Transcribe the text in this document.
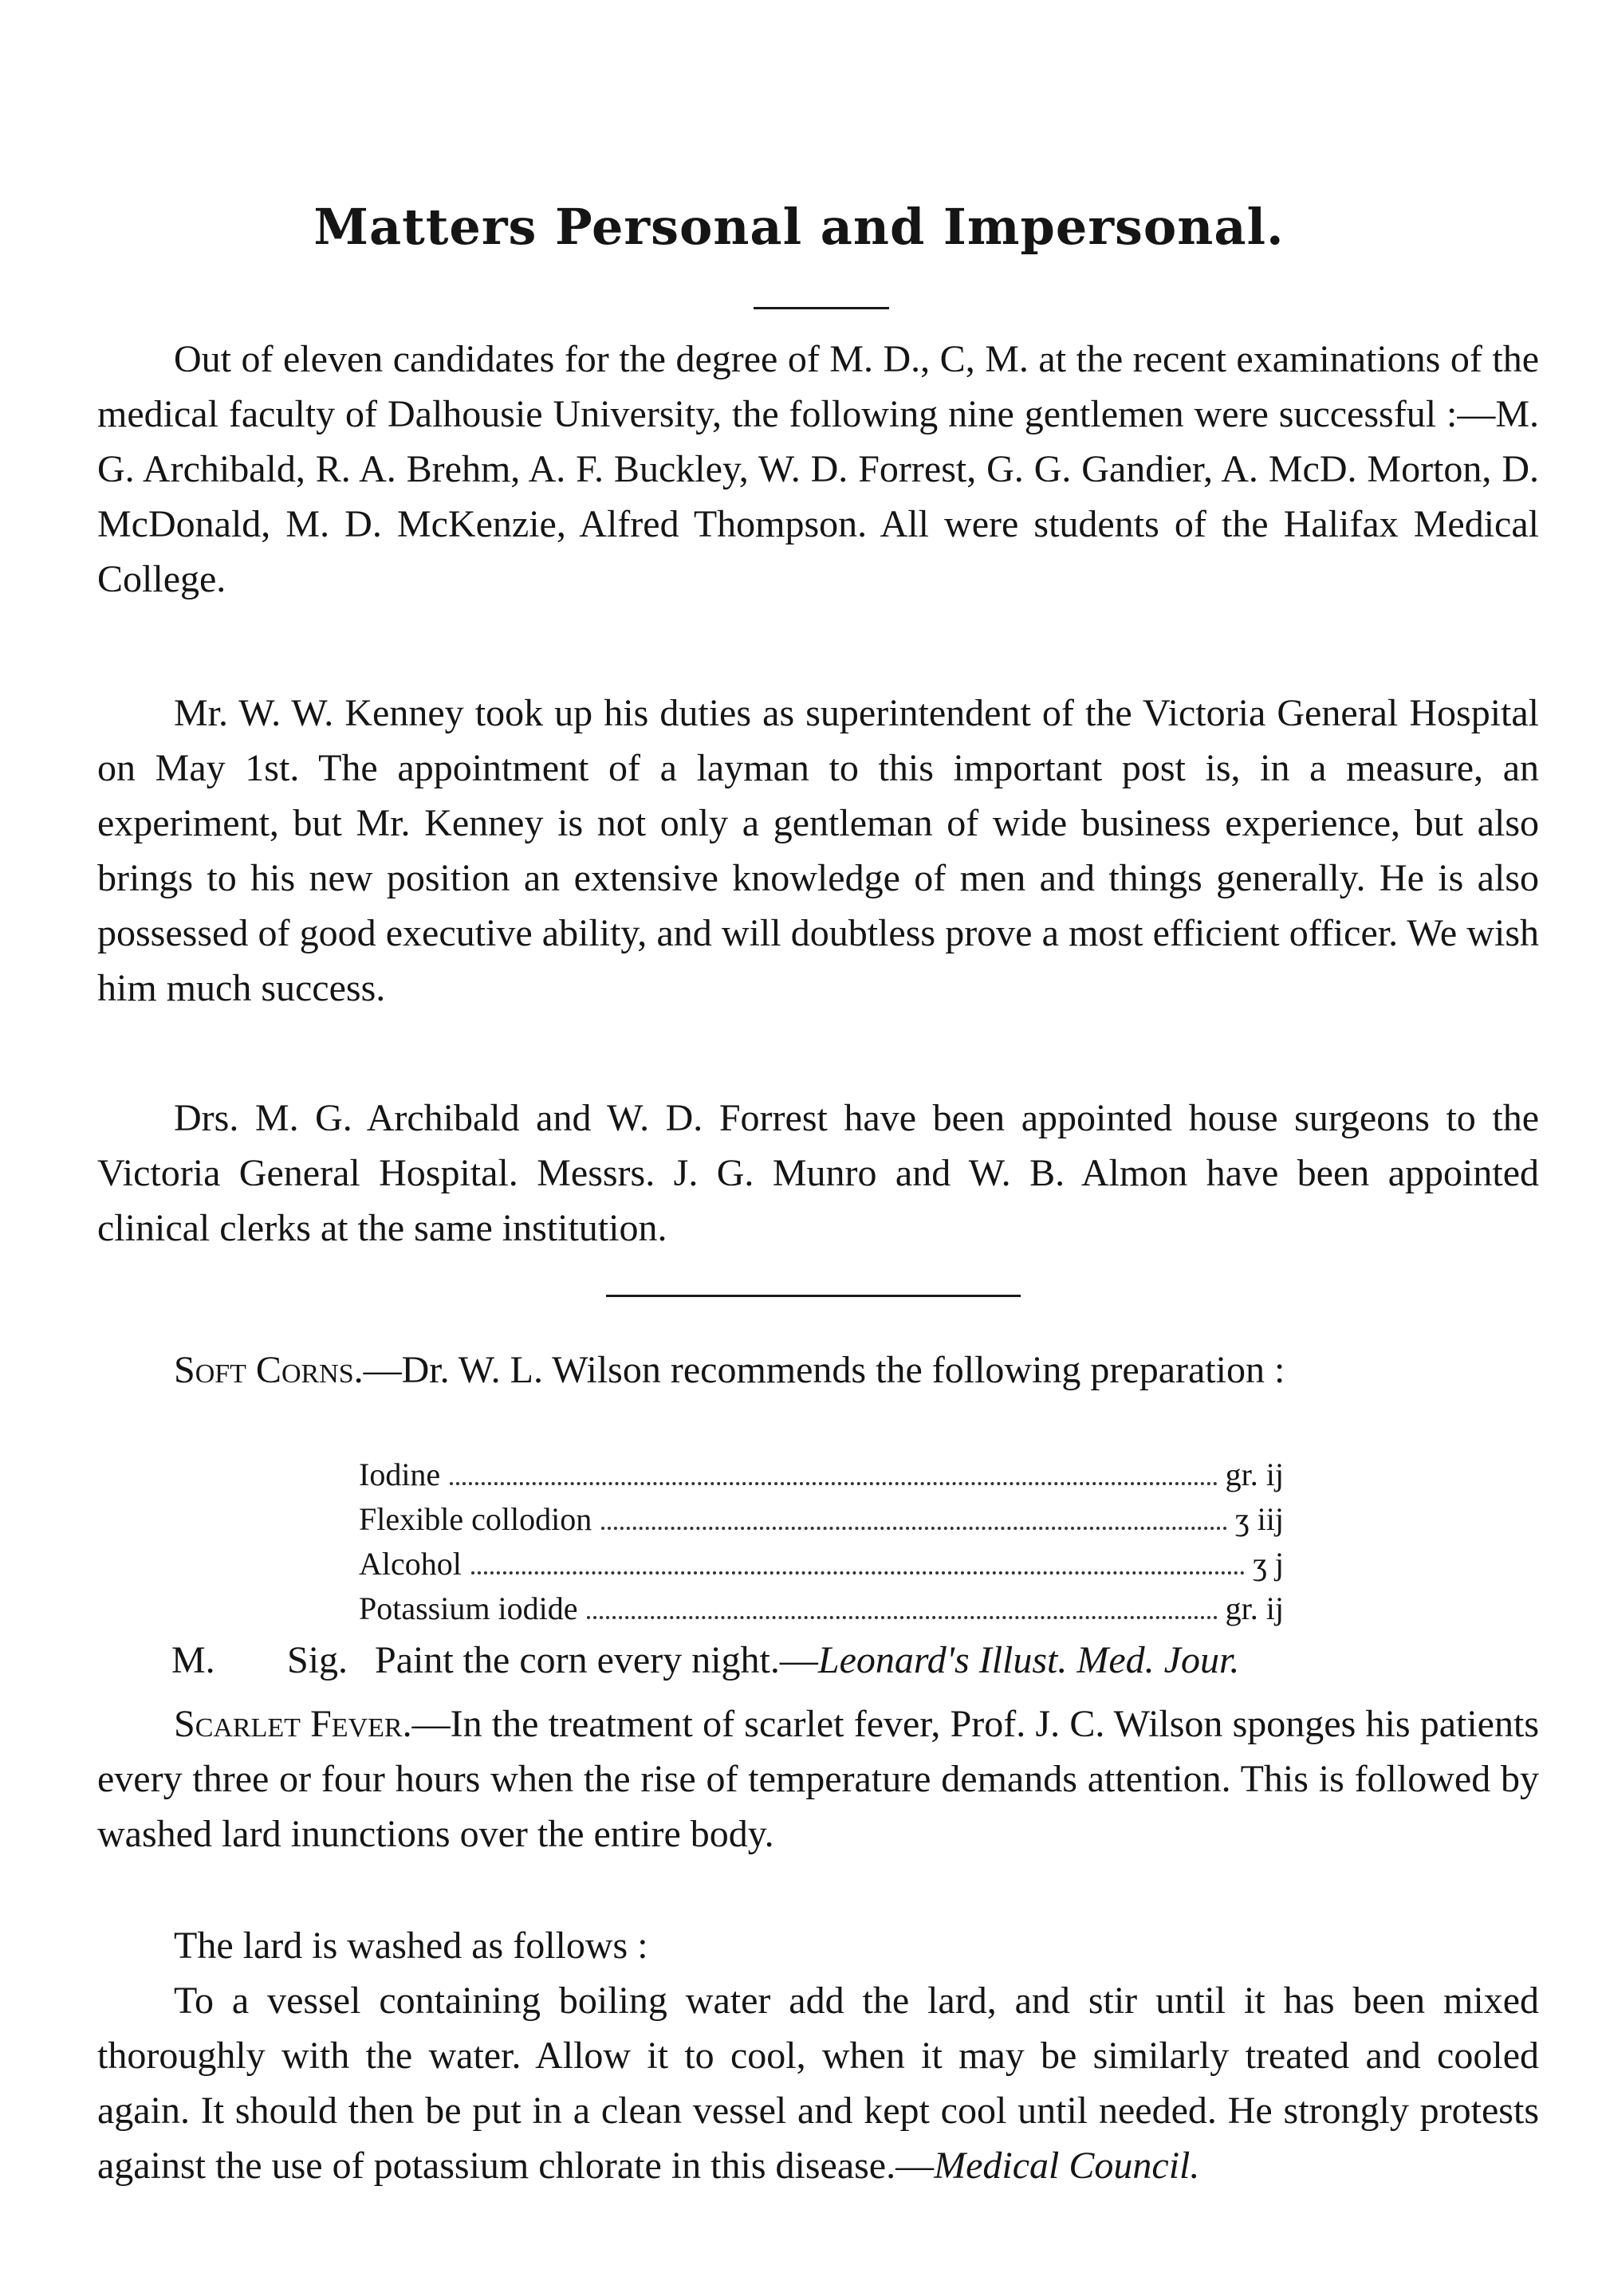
Matters Personal and Impersonal.

Out of eleven candidates for the degree of M. D., C, M. at the recent examinations of the medical faculty of Dalhousie University, the following nine gentlemen were successful :—M. G. Archibald, R. A. Brehm, A. F. Buckley, W. D. Forrest, G. G. Gandier, A. McD. Morton, D. McDonald, M. D. McKenzie, Alfred Thompson. All were students of the Halifax Medical College.

Mr. W. W. Kenney took up his duties as superintendent of the Victoria General Hospital on May 1st. The appointment of a layman to this important post is, in a measure, an experiment, but Mr. Kenney is not only a gentleman of wide business experience, but also brings to his new position an extensive knowledge of men and things generally. He is also possessed of good executive ability, and will doubtless prove a most efficient officer. We wish him much success.

Drs. M. G. Archibald and W. D. Forrest have been appointed house surgeons to the Victoria General Hospital. Messrs. J. G. Munro and W. B. Almon have been appointed clinical clerks at the same institution.

Soft Corns.—Dr. W. L. Wilson recommends the following preparation :

Iodine	gr. ij
Flexible collodion	ʒ iij
Alcohol	ʒ j
Potassium iodide	gr. ij
M.	Sig. Paint the corn every night.—Leonard's Illust. Med. Jour.

Scarlet Fever.—In the treatment of scarlet fever, Prof. J. C. Wilson sponges his patients every three or four hours when the rise of temperature demands attention. This is followed by washed lard inunctions over the entire body.

The lard is washed as follows :

To a vessel containing boiling water add the lard, and stir until it has been mixed thoroughly with the water. Allow it to cool, when it may be similarly treated and cooled again. It should then be put in a clean vessel and kept cool until needed. He strongly protests against the use of potassium chlorate in this disease.—Medical Council.
